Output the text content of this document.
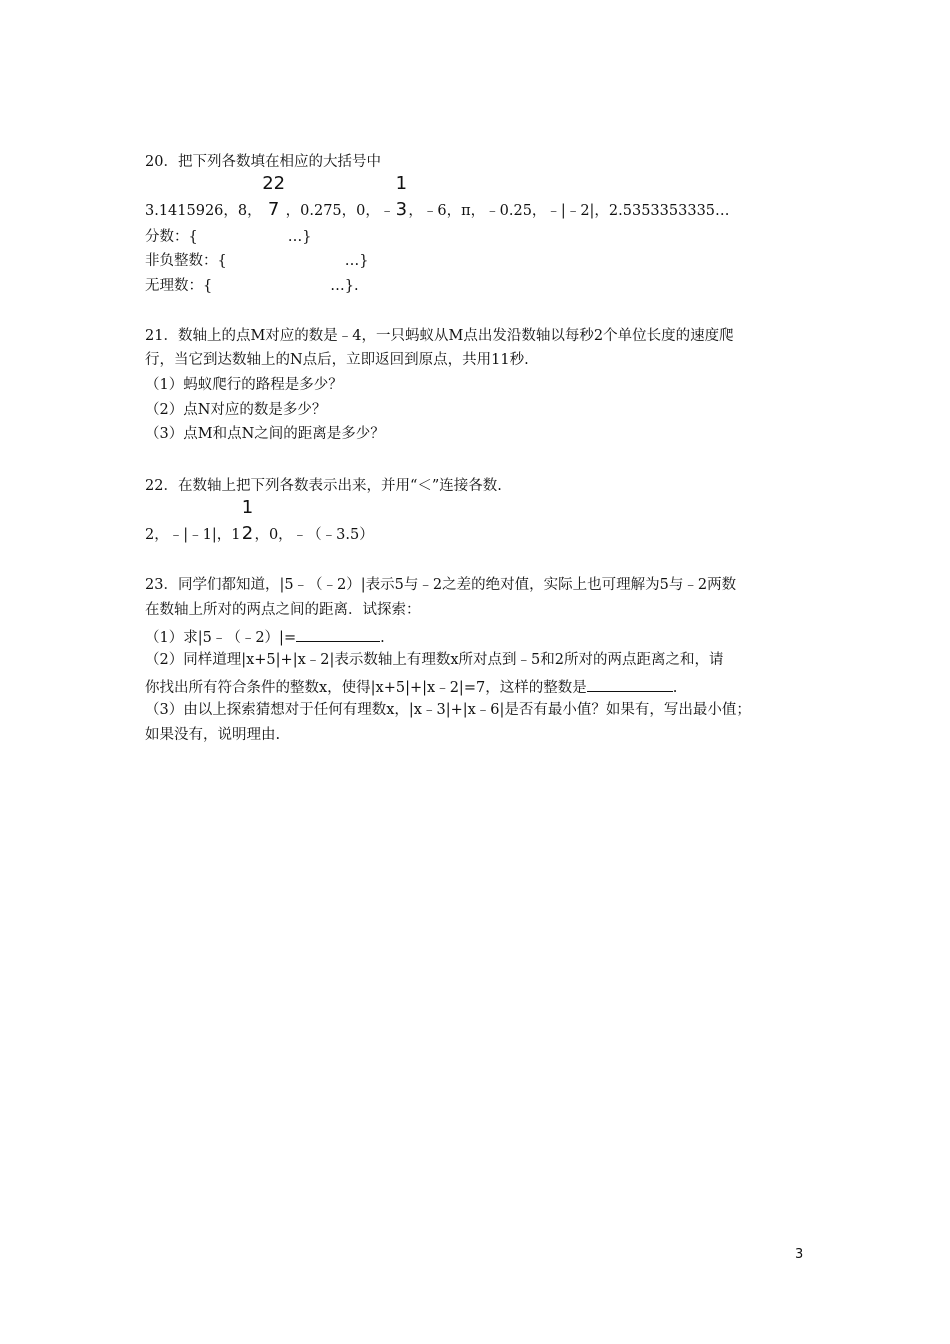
20．把下列各数填在相应的大括号中
3.1415926，8，
22
7 ，0.275，0，﹣
1
3 ，﹣6，π，﹣0.25，﹣|﹣2|，2.5353353335…
分数：{	…}
非负整数：{	…}
无理数：{	…}.
21．数轴上的点M对应的数是﹣4，一只蚂蚁从M点出发沿数轴以每秒2个单位长度的速度爬
行，当它到达数轴上的N点后，立即返回到原点，共用11秒.
（1）蚂蚁爬行的路程是多少？
（2）点N对应的数是多少？
（3）点M和点N之间的距离是多少？
22．在数轴上把下列各数表示出来，并用“＜”连接各数.
2，﹣|﹣1|，1
1
2 ，0，﹣（﹣3.5）
23．同学们都知道，|5﹣（﹣2）|表示5与﹣2之差的绝对值，实际上也可理解为5与﹣2两数
在数轴上所对的两点之间的距离．试探索：
（1）求|5﹣（﹣2）|=	.
（2）同样道理|x+5|+|x﹣2|表示数轴上有理数x所对点到﹣5和2所对的两点距离之和，请
你找出所有符合条件的整数x，使得|x+5|+|x﹣2|=7，这样的整数是	.
（3）由以上探索猜想对于任何有理数x，|x﹣3|+|x﹣6|是否有最小值？如果有，写出最小值；
如果没有，说明理由.
3
